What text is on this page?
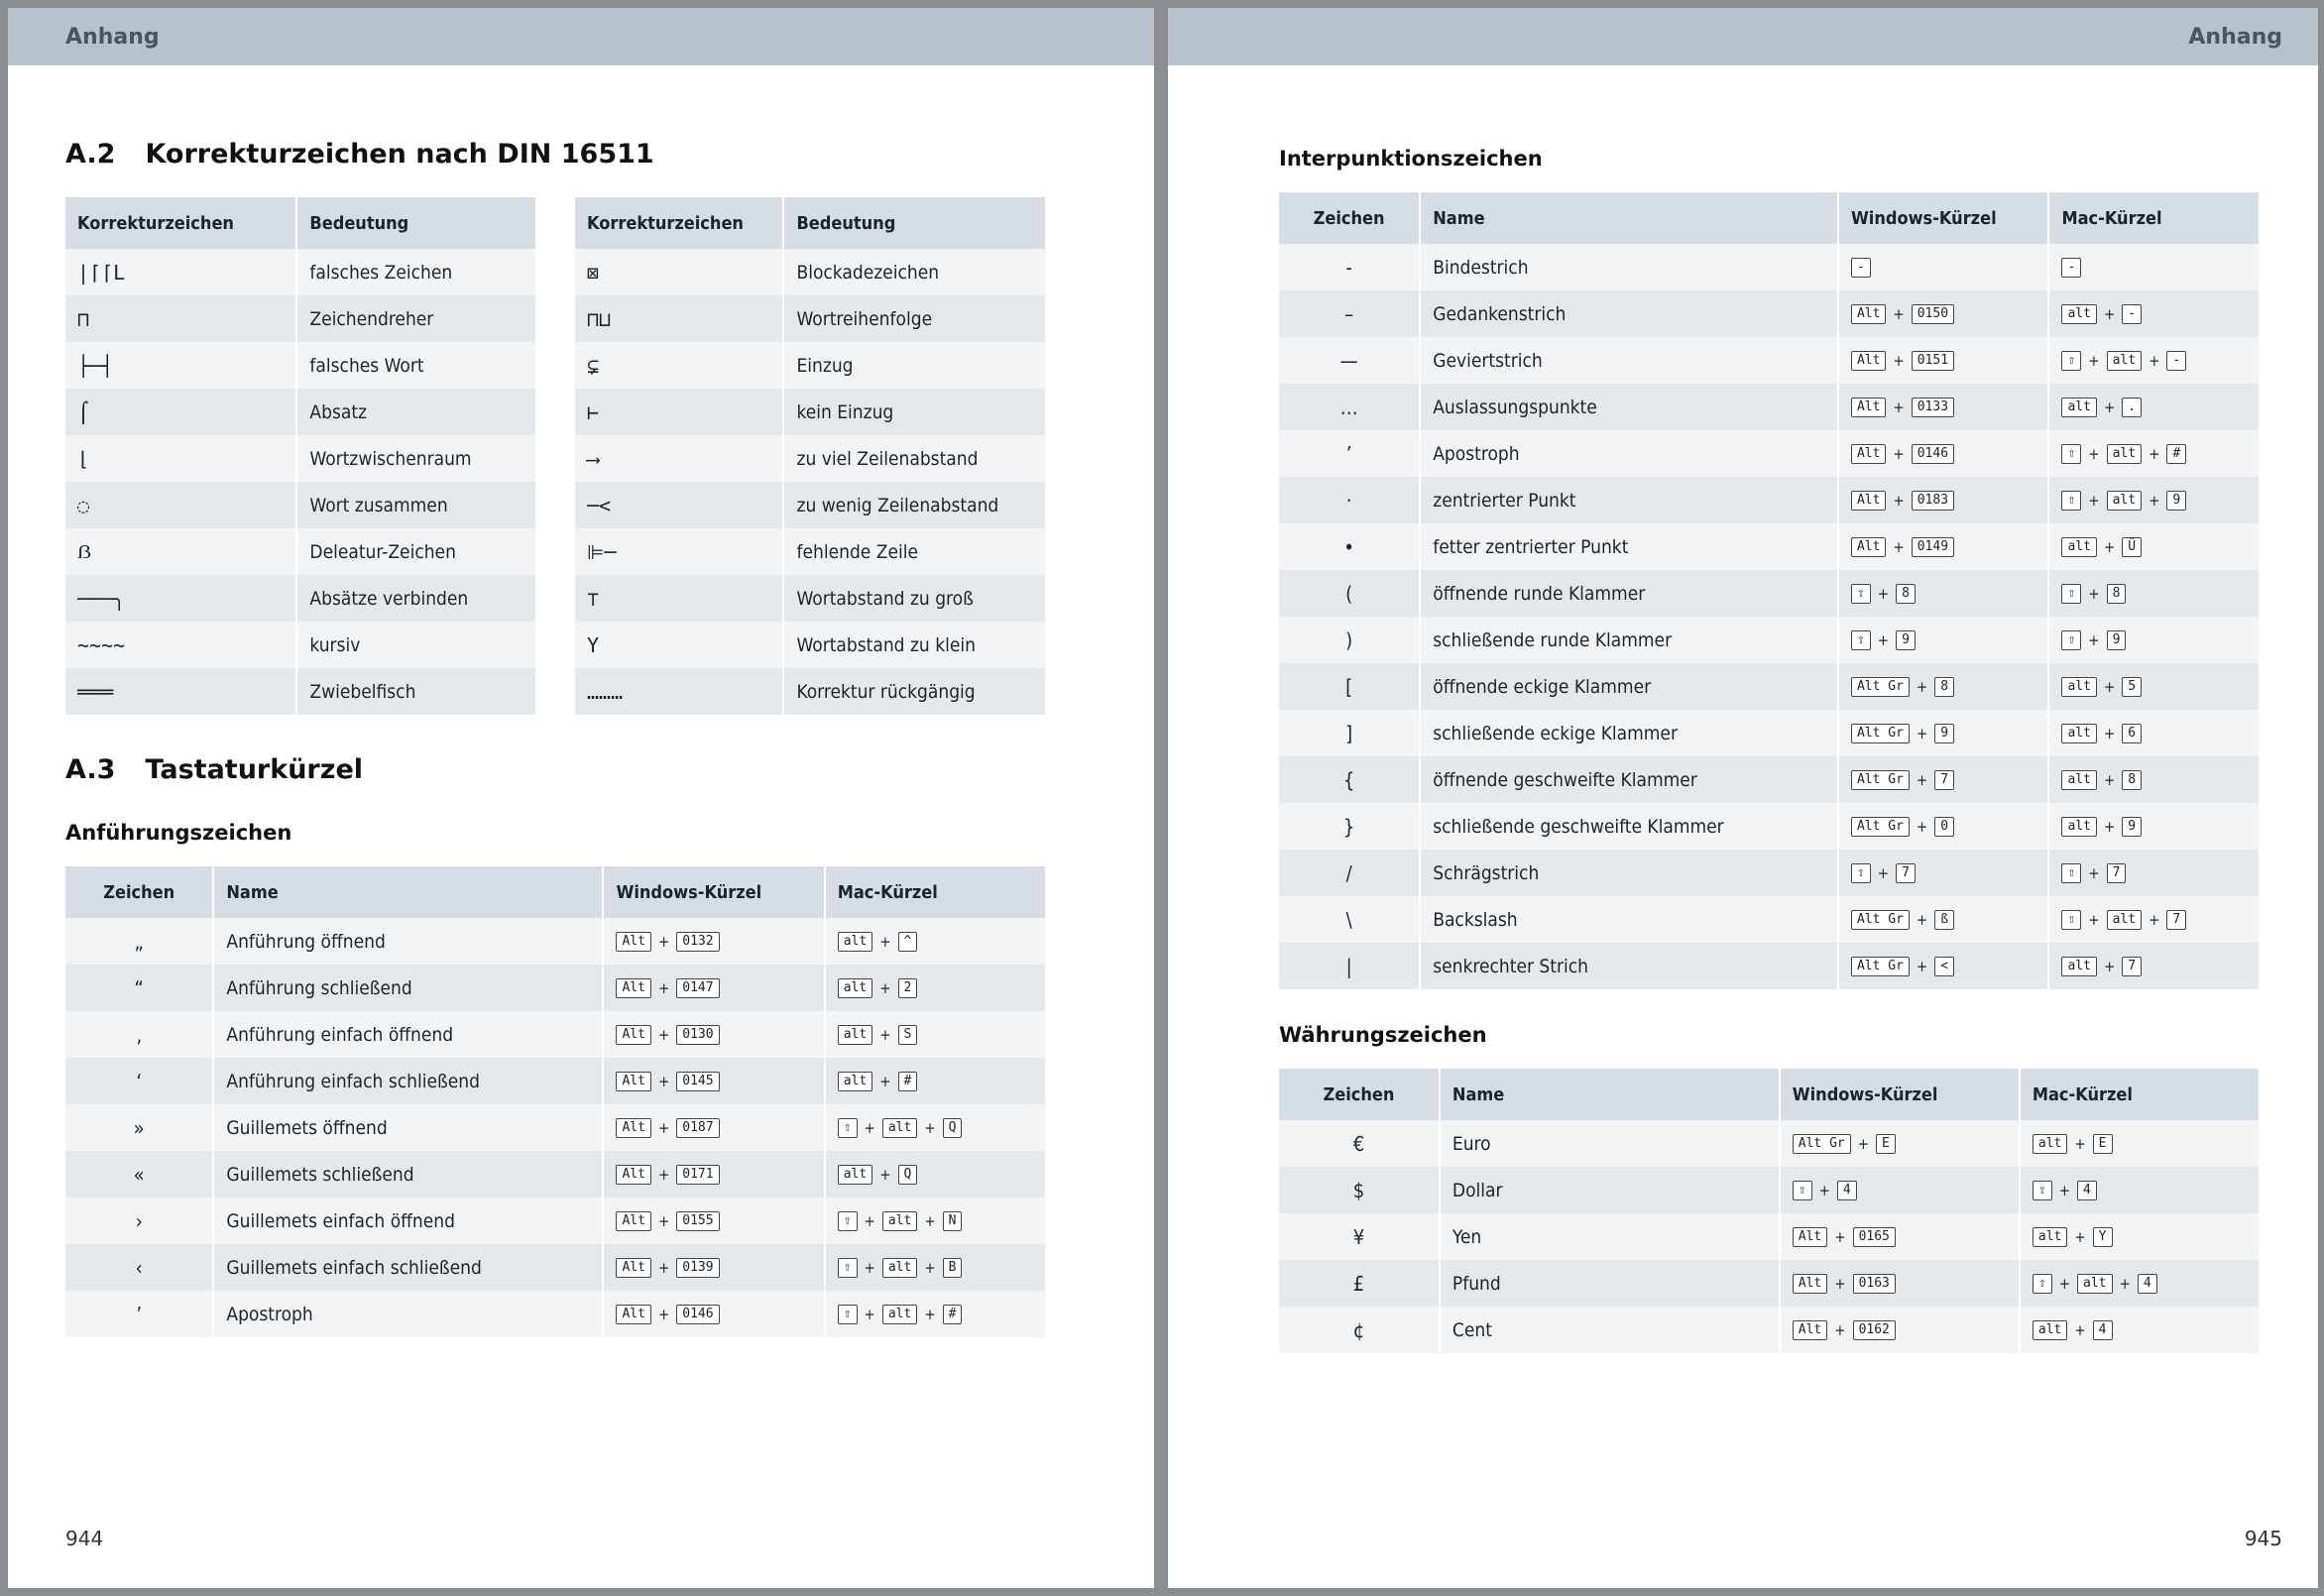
Anhang
A.2 Korrekturzeichen nach DIN 16511
Korrekturzeichen	Bedeutung
|⌈⌈L	falsches Zeichen
⊓	Zeichendreher
├─┤	falsches Wort
⌠	Absatz
⌊	Wortzwischenraum
◌	Wort zusammen
ẞ	Deleatur-Zeichen
───╮	Absätze verbinden
~~~~	kursiv
═══	Zwiebelfisch
Korrekturzeichen	Bedeutung
⊠	Blockadezeichen
⊓⊔	Wortreihenfolge
⊊	Einzug
⊢	kein Einzug
⟶	zu viel Zeilenabstand
─<	zu wenig Zeilenabstand
⊫─	fehlende Zeile
⊤	Wortabstand zu groß
Y	Wortabstand zu klein
………	Korrektur rückgängig
A.3 Tastaturkürzel
Anführungszeichen
Zeichen	Name	Windows-Kürzel	Mac-Kürzel
„	Anführung öffnend	Alt + 0132	alt + ^
“	Anführung schließend	Alt + 0147	alt + 2
‚	Anführung einfach öffnend	Alt + 0130	alt + S
‘	Anführung einfach schließend	Alt + 0145	alt + #
»	Guillemets öffnend	Alt + 0187	⇧ + alt + Q
«	Guillemets schließend	Alt + 0171	alt + Q
›	Guillemets einfach öffnend	Alt + 0155	⇧ + alt + N
‹	Guillemets einfach schließend	Alt + 0139	⇧ + alt + B
’	Apostroph	Alt + 0146	⇧ + alt + #
944
Anhang
Interpunktionszeichen
Zeichen	Name	Windows-Kürzel	Mac-Kürzel
-	Bindestrich	-	-
–	Gedankenstrich	Alt + 0150	alt + -
—	Geviertstrich	Alt + 0151	⇧ + alt + -
…	Auslassungspunkte	Alt + 0133	alt + .
’	Apostroph	Alt + 0146	⇧ + alt + #
·	zentrierter Punkt	Alt + 0183	⇧ + alt + 9
•	fetter zentrierter Punkt	Alt + 0149	alt + Ü
(	öffnende runde Klammer	⇧ + 8	⇧ + 8
)	schließende runde Klammer	⇧ + 9	⇧ + 9
[	öffnende eckige Klammer	Alt Gr + 8	alt + 5
]	schließende eckige Klammer	Alt Gr + 9	alt + 6
{	öffnende geschweifte Klammer	Alt Gr + 7	alt + 8
}	schließende geschweifte Klammer	Alt Gr + 0	alt + 9
/	Schrägstrich	⇧ + 7	⇧ + 7
\	Backslash	Alt Gr + ß	⇧ + alt + 7
|	senkrechter Strich	Alt Gr + <	alt + 7
Währungszeichen
Zeichen	Name	Windows-Kürzel	Mac-Kürzel
€	Euro	Alt Gr + E	alt + E
$	Dollar	⇧ + 4	⇧ + 4
¥	Yen	Alt + 0165	alt + Y
£	Pfund	Alt + 0163	⇧ + alt + 4
¢	Cent	Alt + 0162	alt + 4
945
